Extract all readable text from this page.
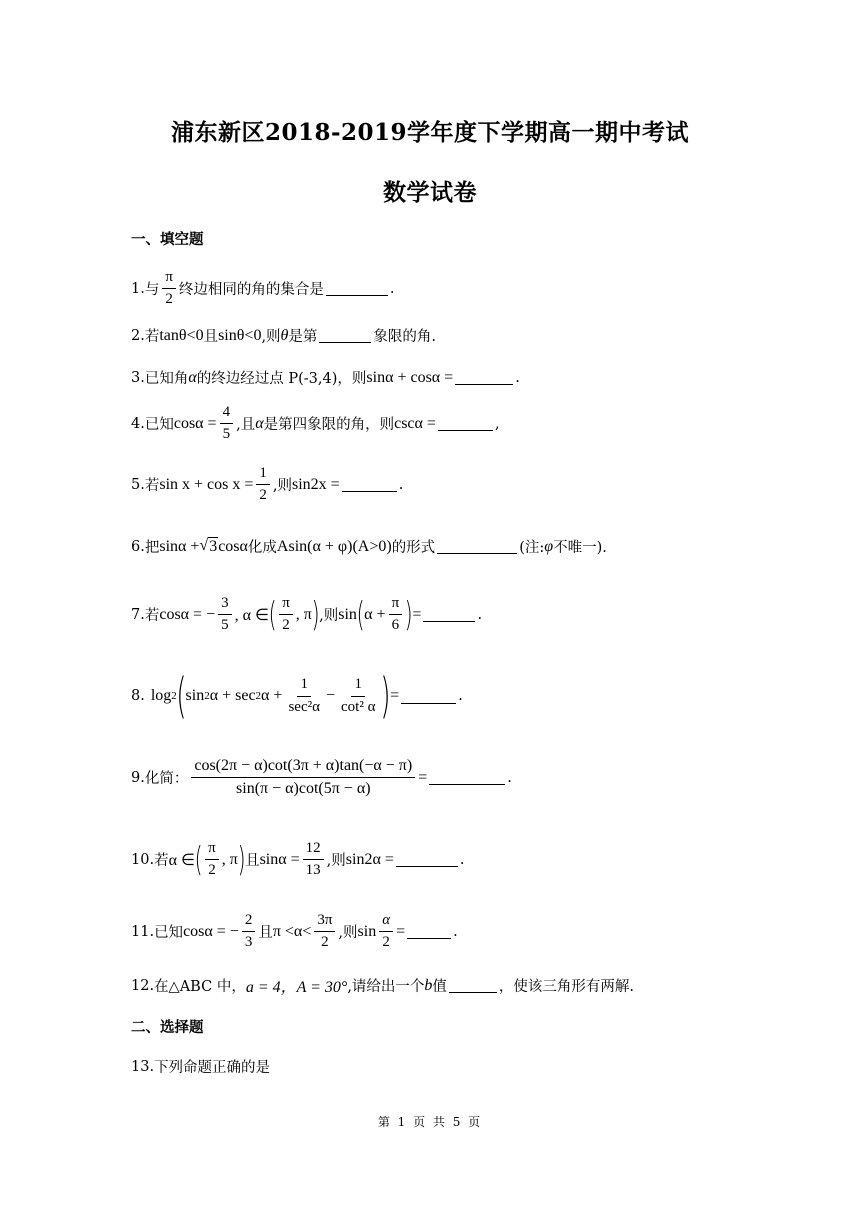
浦东新区2018-2019学年度下学期高一期中考试
数学试卷
一、填空题
1. 与 $\frac{\pi}{2}$ 终边相同的角的集合是	.
2. 若 tanθ<0 且 sinθ<0 ,则 θ 是第	象限的角.
3. 已知角 α 的终边经过点 P(-3,4)，则 sinα + cosα =	.
4. 已知 $\cos\alpha = \frac{4}{5}$ ,且 α 是第四象限的角，则 cscα =	,
5. 若 $\sin x + \cos x = \frac{1}{2}$ ,则 sin2x =	.
6. 把 sinα + √ 3 cosα 化成 Asin(α + φ)(A>0) 的形式	(注: φ 不唯一).
7. 若 cosα = − $\frac{3}{5}$ , α ∈ ( $\frac{\pi}{2}$ , π ) ,则 sin ( $\alpha + \frac{\pi}{6}$ ) =	.
8. log 2 ( sin 2 α + sec 2 $\alpha + \frac{1}{\text{sec²α}} - \frac{1}{\text{cot² α}}$ ) =	.
9. 化简： $\frac{\cos(2\pi - \alpha)\cot(3\pi + \alpha)\tan(-\alpha - \pi)}{\sin(\pi - \alpha)\cot(5\pi - \alpha)}$ =	.
10. 若 α ∈ ( $\frac{\pi}{2}$ , π ) 且 $\sin\alpha = \frac{12}{13}$ ,则 sin2α =	.
11. 已知 cosα = − $\frac{2}{3}$ 且 $\pi <\alpha< \frac{3\pi}{2}$ ,则 $\sin \frac{\alpha}{2}$ =	.
12. 在△ABC 中， a = 4，A = 30° ,请给出一个 b 值	，使该三角形有两解.
二、选择题
13. 下列命题正确的是
第 1 页 共 5 页
